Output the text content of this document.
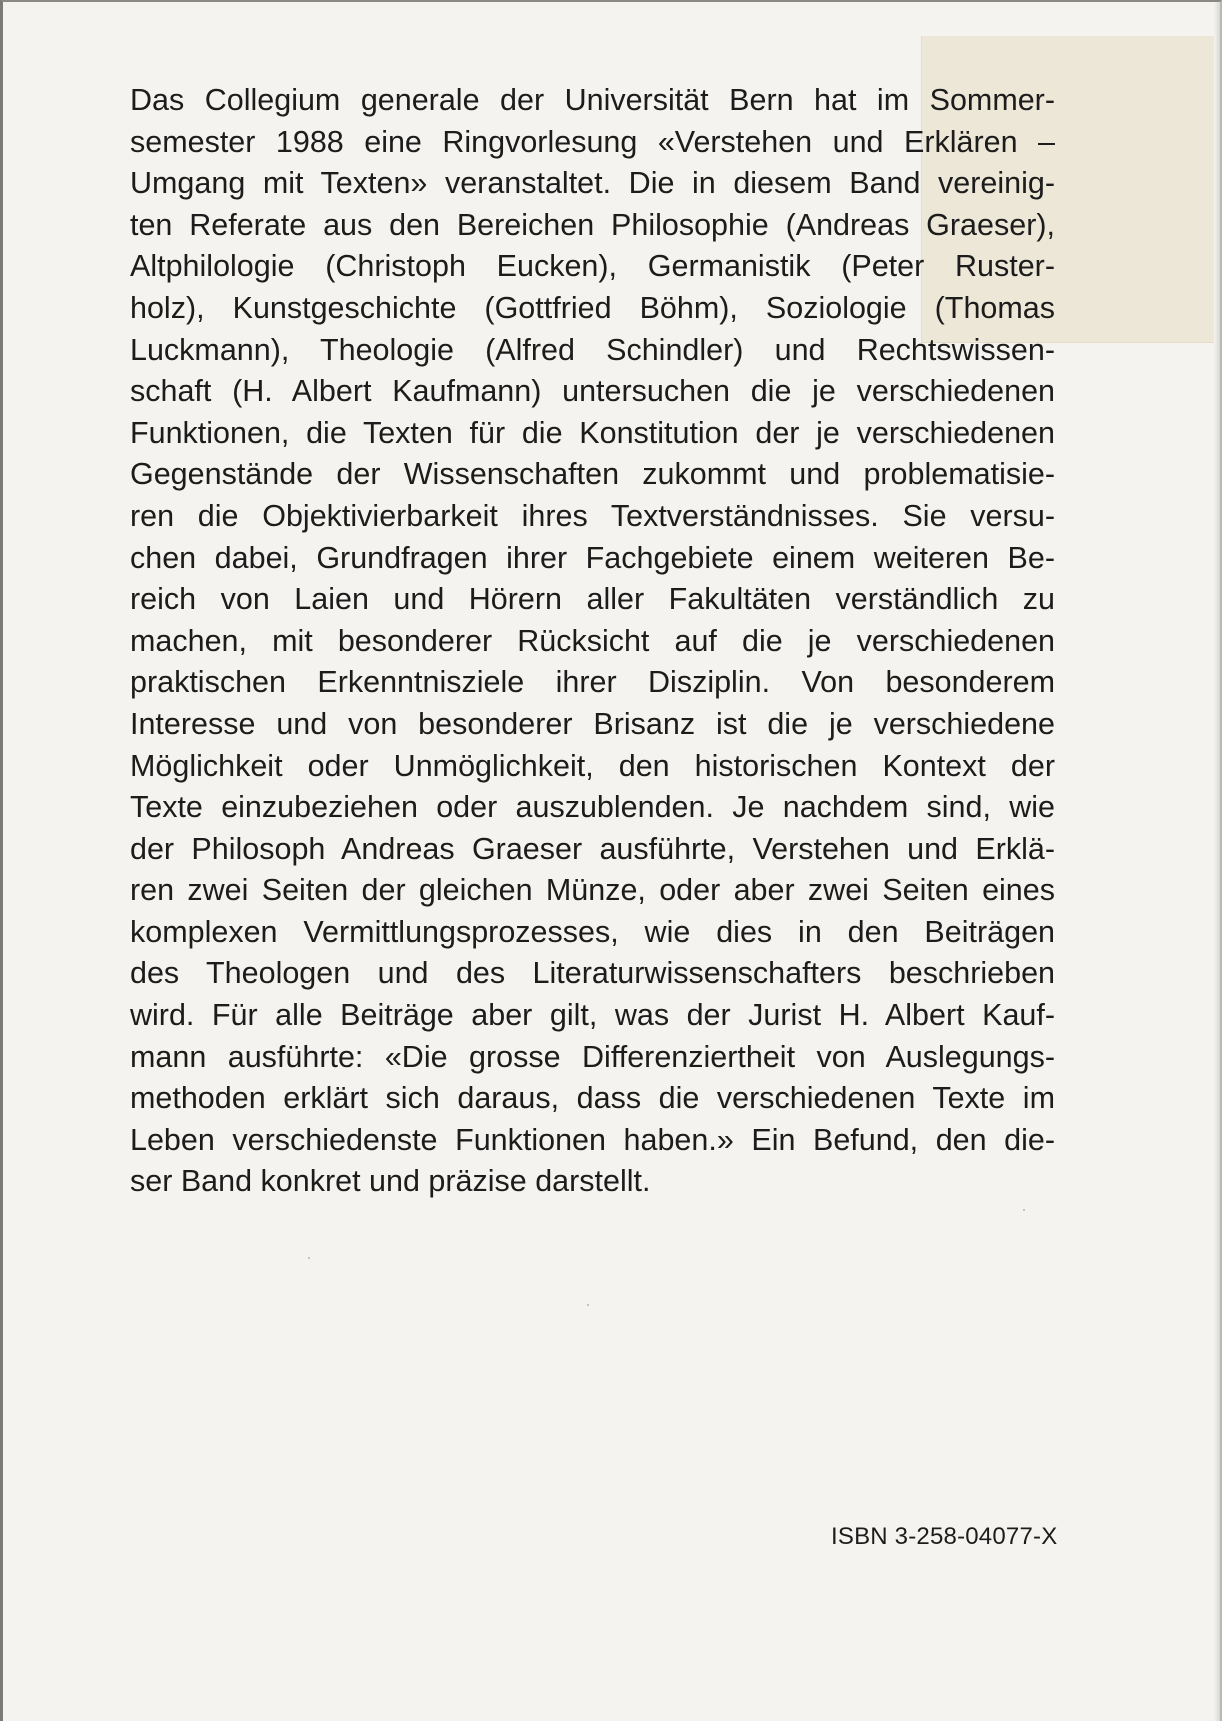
Das Collegium generale der Universität Bern hat im Sommer-
semester 1988 eine Ringvorlesung «Verstehen und Erklären –
Umgang mit Texten» veranstaltet. Die in diesem Band vereinig-
ten Referate aus den Bereichen Philosophie (Andreas Graeser),
Altphilologie (Christoph Eucken), Germanistik (Peter Ruster-
holz), Kunstgeschichte (Gottfried Böhm), Soziologie (Thomas
Luckmann), Theologie (Alfred Schindler) und Rechtswissen-
schaft (H. Albert Kaufmann) untersuchen die je verschiedenen
Funktionen, die Texten für die Konstitution der je verschiedenen
Gegenstände der Wissenschaften zukommt und problematisie-
ren die Objektivierbarkeit ihres Textverständnisses. Sie versu-
chen dabei, Grundfragen ihrer Fachgebiete einem weiteren Be-
reich von Laien und Hörern aller Fakultäten verständlich zu
machen, mit besonderer Rücksicht auf die je verschiedenen
praktischen Erkenntnisziele ihrer Disziplin. Von besonderem
Interesse und von besonderer Brisanz ist die je verschiedene
Möglichkeit oder Unmöglichkeit, den historischen Kontext der
Texte einzubeziehen oder auszublenden. Je nachdem sind, wie
der Philosoph Andreas Graeser ausführte, Verstehen und Erklä-
ren zwei Seiten der gleichen Münze, oder aber zwei Seiten eines
komplexen Vermittlungsprozesses, wie dies in den Beiträgen
des Theologen und des Literaturwissenschafters beschrieben
wird. Für alle Beiträge aber gilt, was der Jurist H. Albert Kauf-
mann ausführte: «Die grosse Differenziertheit von Auslegungs-
methoden erklärt sich daraus, dass die verschiedenen Texte im
Leben verschiedenste Funktionen haben.» Ein Befund, den die-
ser Band konkret und präzise darstellt.
ISBN 3-258-04077-X
